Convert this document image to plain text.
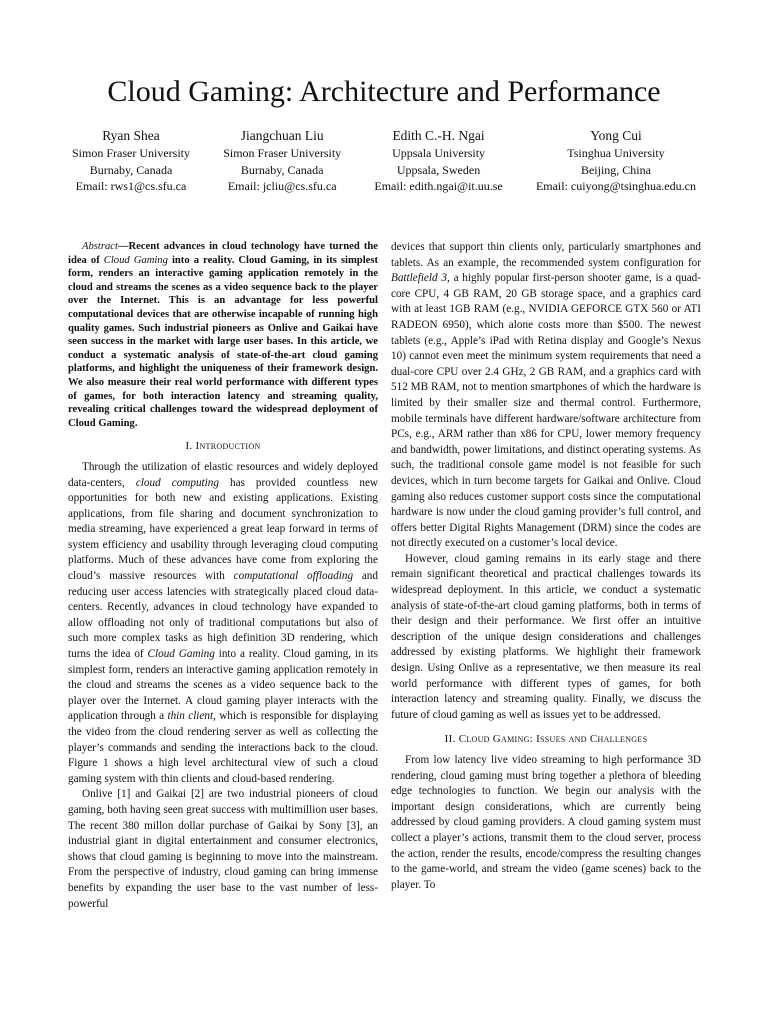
Cloud Gaming: Architecture and Performance
Ryan Shea
Simon Fraser University
Burnaby, Canada
Email: rws1@cs.sfu.ca
Jiangchuan Liu
Simon Fraser University
Burnaby, Canada
Email: jcliu@cs.sfu.ca
Edith C.-H. Ngai
Uppsala University
Uppsala, Sweden
Email: edith.ngai@it.uu.se
Yong Cui
Tsinghua University
Beijing, China
Email: cuiyong@tsinghua.edu.cn

Abstract—Recent advances in cloud technology have turned the idea of Cloud Gaming into a reality. Cloud Gaming, in its simplest form, renders an interactive gaming application remotely in the cloud and streams the scenes as a video sequence back to the player over the Internet. This is an advantage for less powerful computational devices that are otherwise incapable of running high quality games. Such industrial pioneers as Onlive and Gaikai have seen success in the market with large user bases. In this article, we conduct a systematic analysis of state-of-the-art cloud gaming platforms, and highlight the uniqueness of their framework design. We also measure their real world performance with different types of games, for both interaction latency and streaming quality, revealing critical challenges toward the widespread deployment of Cloud Gaming.

I. Introduction

Through the utilization of elastic resources and widely deployed data-centers, cloud computing has provided countless new opportunities for both new and existing applications. Existing applications, from file sharing and document synchronization to media streaming, have experienced a great leap forward in terms of system efficiency and usability through leveraging cloud computing platforms. Much of these advances have come from exploring the cloud’s massive resources with computational offloading and reducing user access latencies with strategically placed cloud data-centers. Recently, advances in cloud technology have expanded to allow offloading not only of traditional computations but also of such more complex tasks as high definition 3D rendering, which turns the idea of Cloud Gaming into a reality. Cloud gaming, in its simplest form, renders an interactive gaming application remotely in the cloud and streams the scenes as a video sequence back to the player over the Internet. A cloud gaming player interacts with the application through a thin client, which is responsible for displaying the video from the cloud rendering server as well as collecting the player’s commands and sending the interactions back to the cloud. Figure 1 shows a high level architectural view of such a cloud gaming system with thin clients and cloud-based rendering.

Onlive [1] and Gaikai [2] are two industrial pioneers of cloud gaming, both having seen great success with multimillion user bases. The recent 380 millon dollar purchase of Gaikai by Sony [3], an industrial giant in digital entertainment and consumer electronics, shows that cloud gaming is beginning to move into the mainstream. From the perspective of industry, cloud gaming can bring immense benefits by expanding the user base to the vast number of less-powerful

devices that support thin clients only, particularly smartphones and tablets. As an example, the recommended system configuration for Battlefield 3, a highly popular first-person shooter game, is a quad-core CPU, 4 GB RAM, 20 GB storage space, and a graphics card with at least 1GB RAM (e.g., NVIDIA GEFORCE GTX 560 or ATI RADEON 6950), which alone costs more than $500. The newest tablets (e.g., Apple’s iPad with Retina display and Google’s Nexus 10) cannot even meet the minimum system requirements that need a dual-core CPU over 2.4 GHz, 2 GB RAM, and a graphics card with 512 MB RAM, not to mention smartphones of which the hardware is limited by their smaller size and thermal control. Furthermore, mobile terminals have different hardware/software architecture from PCs, e.g., ARM rather than x86 for CPU, lower memory frequency and bandwidth, power limitations, and distinct operating systems. As such, the traditional console game model is not feasible for such devices, which in turn become targets for Gaikai and Onlive. Cloud gaming also reduces customer support costs since the computational hardware is now under the cloud gaming provider’s full control, and offers better Digital Rights Management (DRM) since the codes are not directly executed on a customer’s local device.

However, cloud gaming remains in its early stage and there remain significant theoretical and practical challenges towards its widespread deployment. In this article, we conduct a systematic analysis of state-of-the-art cloud gaming platforms, both in terms of their design and their performance. We first offer an intuitive description of the unique design considerations and challenges addressed by existing platforms. We highlight their framework design. Using Onlive as a representative, we then measure its real world performance with different types of games, for both interaction latency and streaming quality. Finally, we discuss the future of cloud gaming as well as issues yet to be addressed.

II. Cloud Gaming: Issues and Challenges

From low latency live video streaming to high performance 3D rendering, cloud gaming must bring together a plethora of bleeding edge technologies to function. We begin our analysis with the important design considerations, which are currently being addressed by cloud gaming providers. A cloud gaming system must collect a player’s actions, transmit them to the cloud server, process the action, render the results, encode/compress the resulting changes to the game-world, and stream the video (game scenes) back to the player. To
